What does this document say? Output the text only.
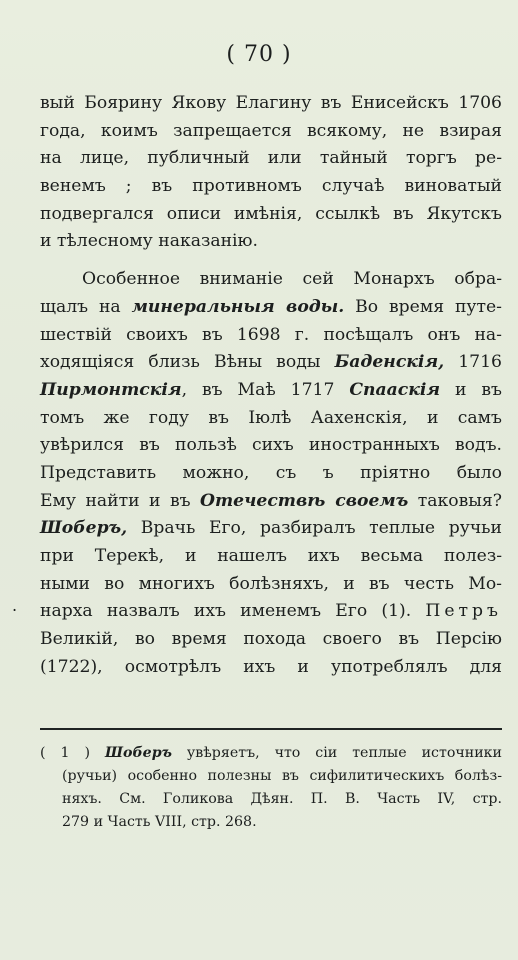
( 70 )
вый Боярину Якову Елагину въ Енисейскъ 1706
года, коимъ запрещается всякому, не взирая
на лице, публичный или тайный торгъ ре-
венемъ ; въ противномъ случаѣ виноватый
подвергался описи имѣнія, ссылкѣ въ Якутскъ
и тѣлесному наказанію.
Особенное вниманіе сей Монархъ обра-
щалъ на минеральныя воды. Во время путе-
шествій своихъ въ 1698 г. посѣщалъ онъ на-
ходящіяся близь Вѣны воды Баденскія, 1716
Пирмонтскія, въ Маѣ 1717 Спааскія и въ
томъ же году въ Іюлѣ Аахенскія, и самъ
увѣрился въ пользѣ сихъ иностранныхъ водъ.
Представить можно, съ ъ пріятно было
Ему найти и въ Отечествѣ своемъ таковыя?
Шоберъ, Врачь Его, разбиралъ теплые ручьи
при Терекѣ, и нашелъ ихъ весьма полез-
ными во многихъ болѣзняхъ, и въ честь Мо-
нарха назвалъ ихъ именемъ Его (1). Петръ
Великій, во время похода своего въ Персію
(1722), осмотрѣлъ ихъ и употреблялъ для
.
( 1 ) Шоберъ увѣряетъ, что сіи теплые источники
(ручьи) особенно полезны въ сифилитическихъ болѣз-
няхъ. См. Голикова Дѣян. П. В. Часть IV, стр.
279 и Часть VIII, стр. 268.
